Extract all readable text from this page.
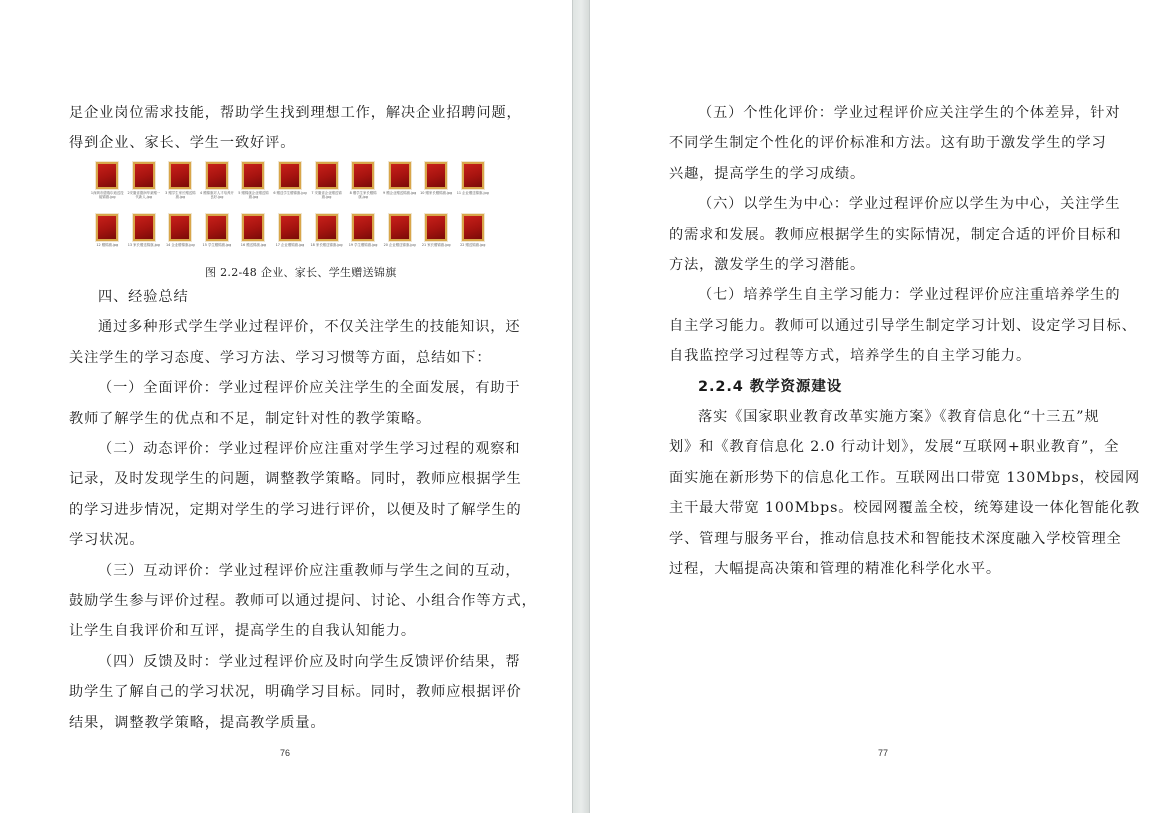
足企业岗位需求技能，帮助学生找到理想工作，解决企业招聘问题，

得到企业、家长、学生一致好评。

1深圳市德瑞尔迪送技能锦旗.jpg
2安徽省德润华莱赠一代新人.jpg
3 赠学生家长赠送锦旗.jpg
4 赠锦旗对人才培养开良好.jpg
5 赠锦旗企业赠送锦旗.jpg
6 赠送学生赠锦旗.jpg	7 安徽省企业赠送锦旗.jpg
8 赠学生家长赠锦旗.jpg
9 赠企业赠送锦旗.jpg 10 赠家长赠锦旗.jpg 11 企业赠送锦旗.jpg
12 赠锦旗.jpg	13 家长赠送锦旗.jpg	14 企业赠锦旗.jpg	15 学生赠锦旗.jpg	16 赠送锦旗.jpg	17 企业赠锦旗.jpg	18 家长赠送锦旗.jpg	19 学生赠锦旗.jpg	20 企业赠送锦旗.jpg	21 家长赠锦旗.jpg	22 赠送锦旗.jpg
图 2.2-48 企业、家长、学生赠送锦旗

四、经验总结

通过多种形式学生学业过程评价，不仅关注学生的技能知识，还

关注学生的学习态度、学习方法、学习习惯等方面，总结如下：

（一）全面评价：学业过程评价应关注学生的全面发展，有助于

教师了解学生的优点和不足，制定针对性的教学策略。

（二）动态评价：学业过程评价应注重对学生学习过程的观察和

记录，及时发现学生的问题，调整教学策略。同时，教师应根据学生

的学习进步情况，定期对学生的学习进行评价，以便及时了解学生的

学习状况。

（三）互动评价：学业过程评价应注重教师与学生之间的互动，

鼓励学生参与评价过程。教师可以通过提问、讨论、小组合作等方式，

让学生自我评价和互评，提高学生的自我认知能力。

（四）反馈及时：学业过程评价应及时向学生反馈评价结果，帮

助学生了解自己的学习状况，明确学习目标。同时，教师应根据评价

结果，调整教学策略，提高教学质量。

76

（五）个性化评价：学业过程评价应关注学生的个体差异，针对

不同学生制定个性化的评价标准和方法。这有助于激发学生的学习

兴趣，提高学生的学习成绩。

（六）以学生为中心：学业过程评价应以学生为中心，关注学生

的需求和发展。教师应根据学生的实际情况，制定合适的评价目标和

方法，激发学生的学习潜能。

（七）培养学生自主学习能力：学业过程评价应注重培养学生的

自主学习能力。教师可以通过引导学生制定学习计划、设定学习目标、

自我监控学习过程等方式，培养学生的自主学习能力。

2.2.4 教学资源建设

落实《国家职业教育改革实施方案》《教育信息化“十三五”规

划》和《教育信息化 2.0 行动计划》，发展“互联网+职业教育”，全

面实施在新形势下的信息化工作。互联网出口带宽 130Mbps，校园网

主干最大带宽 100Mbps。校园网覆盖全校，统筹建设一体化智能化教

学、管理与服务平台，推动信息技术和智能技术深度融入学校管理全

过程，大幅提高决策和管理的精准化科学化水平。

77
